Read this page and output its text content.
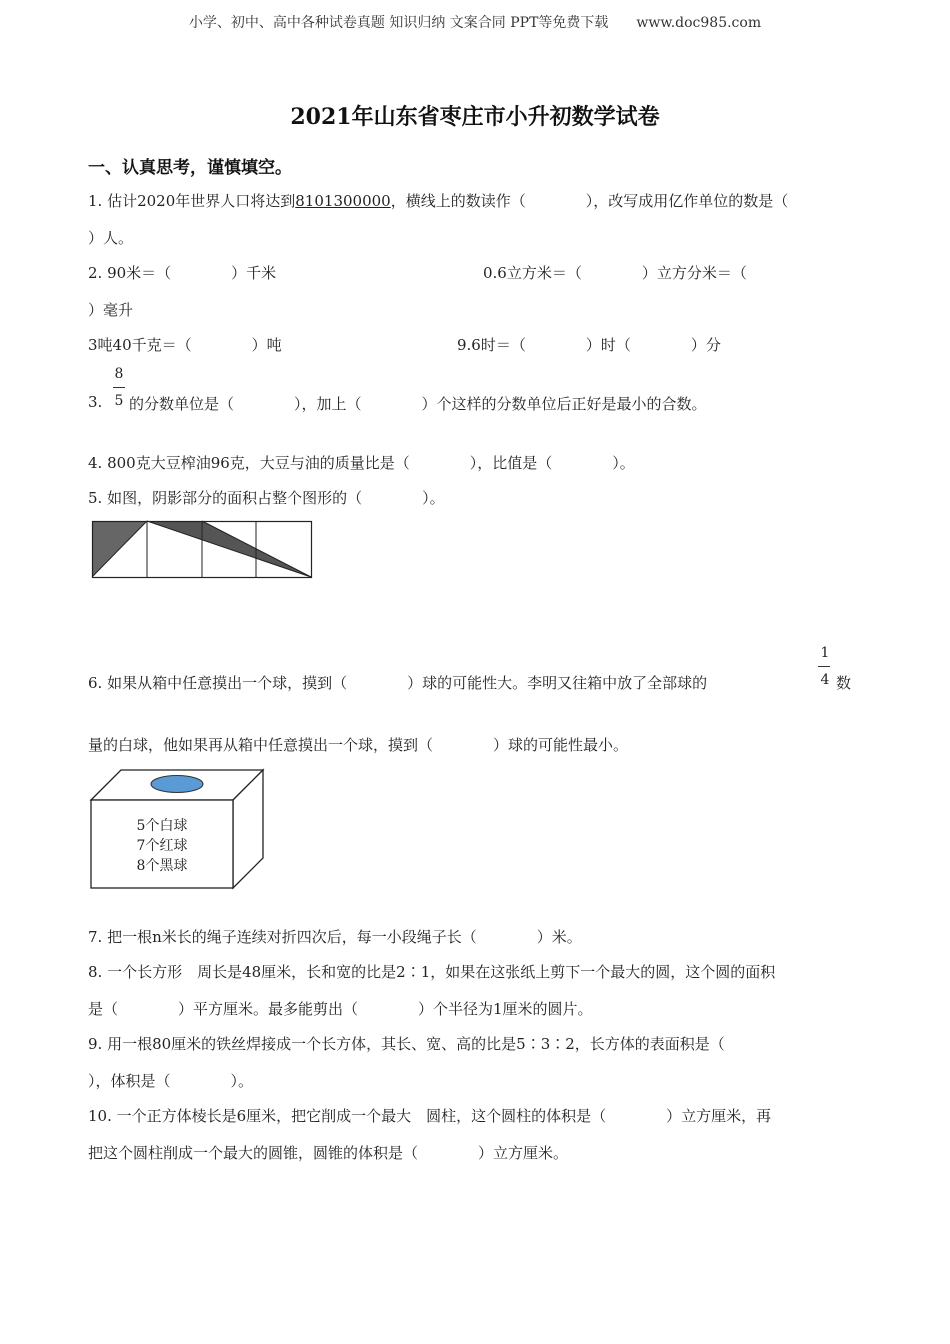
小学、初中、高中各种试卷真题 知识归纳 文案合同 PPT等免费下载　　www.doc985.com
2021年山东省枣庄市小升初数学试卷
一、认真思考，谨慎填空。
1. 估计2020年世界人口将达到8101300000，横线上的数读作（　　　　），改写成用亿作单位的数是（
）人。
2. 90米＝（　　　　）千米	0.6立方米＝（　　　　）立方分米＝（
）毫升
3吨40千克＝（　　　　）吨	9.6时＝（　　　　）时（　　　　）分
3.
8
5 的分数单位是（　　　　），加上（　　　　）个这样的分数单位后正好是最小的合数。
4. 800克大豆榨油96克，大豆与油的质量比是（　　　　），比值是（　　　　）。
5. 如图，阴影部分的面积占整个图形的（　　　　）。
6. 如果从箱中任意摸出一个球，摸到（　　　　）球的可能性大。李明又往箱中放了全部球的
1
4 数
量的白球，他如果再从箱中任意摸出一个球，摸到（　　　　）球的可能性最小。
5个白球
7个红球
8个黑球
7. 把一根n米长的绳子连续对折四次后，每一小段绳子长（　　　　）米。
8. 一个长方形　周长是48厘米，长和宽的比是2∶1，如果在这张纸上剪下一个最大的圆，这个圆的面积
是（　　　　）平方厘米。最多能剪出（　　　　）个半径为1厘米的圆片。
9. 用一根80厘米的铁丝焊接成一个长方体，其长、宽、高的比是5∶3∶2，长方体的表面积是（
），体积是（　　　　）。
10. 一个正方体棱长是6厘米，把它削成一个最大　圆柱，这个圆柱的体积是（　　　　）立方厘米，再
把这个圆柱削成一个最大的圆锥，圆锥的体积是（　　　　）立方厘米。
